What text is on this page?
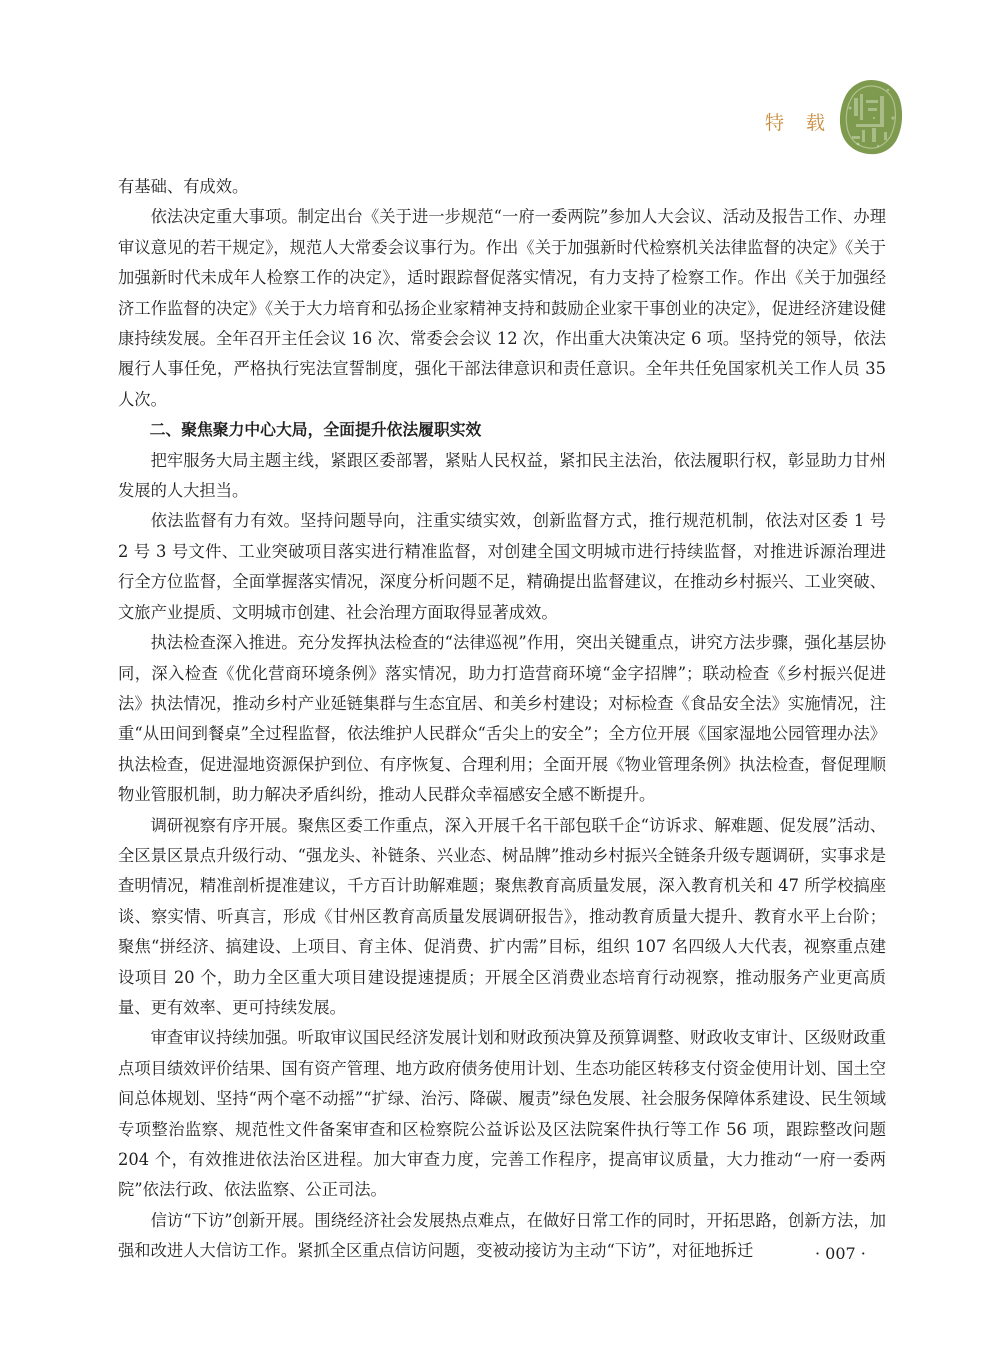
特 载

有基础、有成效。

依法决定重大事项。制定出台《关于进一步规范“一府一委两院”参加人大会议、活动及报告工作、办理审议意见的若干规定》，规范人大常委会议事行为。作出《关于加强新时代检察机关法律监督的决定》《关于加强新时代未成年人检察工作的决定》，适时跟踪督促落实情况，有力支持了检察工作。作出《关于加强经济工作监督的决定》《关于大力培育和弘扬企业家精神支持和鼓励企业家干事创业的决定》，促进经济建设健康持续发展。全年召开主任会议 16 次、常委会会议 12 次，作出重大决策决定 6 项。坚持党的领导，依法履行人事任免，严格执行宪法宣誓制度，强化干部法律意识和责任意识。全年共任免国家机关工作人员 35 人次。

二、聚焦聚力中心大局，全面提升依法履职实效

把牢服务大局主题主线，紧跟区委部署，紧贴人民权益，紧扣民主法治，依法履职行权，彰显助力甘州发展的人大担当。

依法监督有力有效。坚持问题导向，注重实绩实效，创新监督方式，推行规范机制，依法对区委 1 号 2 号 3 号文件、工业突破项目落实进行精准监督，对创建全国文明城市进行持续监督，对推进诉源治理进行全方位监督，全面掌握落实情况，深度分析问题不足，精确提出监督建议，在推动乡村振兴、工业突破、文旅产业提质、文明城市创建、社会治理方面取得显著成效。

执法检查深入推进。充分发挥执法检查的“法律巡视”作用，突出关键重点，讲究方法步骤，强化基层协同，深入检查《优化营商环境条例》落实情况，助力打造营商环境“金字招牌”；联动检查《乡村振兴促进法》执法情况，推动乡村产业延链集群与生态宜居、和美乡村建设；对标检查《食品安全法》实施情况，注重“从田间到餐桌”全过程监督，依法维护人民群众“舌尖上的安全”；全方位开展《国家湿地公园管理办法》执法检查，促进湿地资源保护到位、有序恢复、合理利用；全面开展《物业管理条例》执法检查，督促理顺物业管服机制，助力解决矛盾纠纷，推动人民群众幸福感安全感不断提升。

调研视察有序开展。聚焦区委工作重点，深入开展千名干部包联千企“访诉求、解难题、促发展”活动、全区景区景点升级行动、“强龙头、补链条、兴业态、树品牌”推动乡村振兴全链条升级专题调研，实事求是查明情况，精准剖析提准建议，千方百计助解难题；聚焦教育高质量发展，深入教育机关和 47 所学校搞座谈、察实情、听真言，形成《甘州区教育高质量发展调研报告》，推动教育质量大提升、教育水平上台阶；聚焦“拼经济、搞建设、上项目、育主体、促消费、扩内需”目标，组织 107 名四级人大代表，视察重点建设项目 20 个，助力全区重大项目建设提速提质；开展全区消费业态培育行动视察，推动服务产业更高质量、更有效率、更可持续发展。

审查审议持续加强。听取审议国民经济发展计划和财政预决算及预算调整、财政收支审计、区级财政重点项目绩效评价结果、国有资产管理、地方政府债务使用计划、生态功能区转移支付资金使用计划、国土空间总体规划、坚持“两个毫不动摇”“扩绿、治污、降碳、履责”绿色发展、社会服务保障体系建设、民生领域专项整治监察、规范性文件备案审查和区检察院公益诉讼及区法院案件执行等工作 56 项，跟踪整改问题 204 个，有效推进依法治区进程。加大审查力度，完善工作程序，提高审议质量，大力推动“一府一委两院”依法行政、依法监察、公正司法。

信访“下访”创新开展。围绕经济社会发展热点难点，在做好日常工作的同时，开拓思路，创新方法，加强和改进人大信访工作。紧抓全区重点信访问题，变被动接访为主动“下访”，对征地拆迁	· 007 ·
